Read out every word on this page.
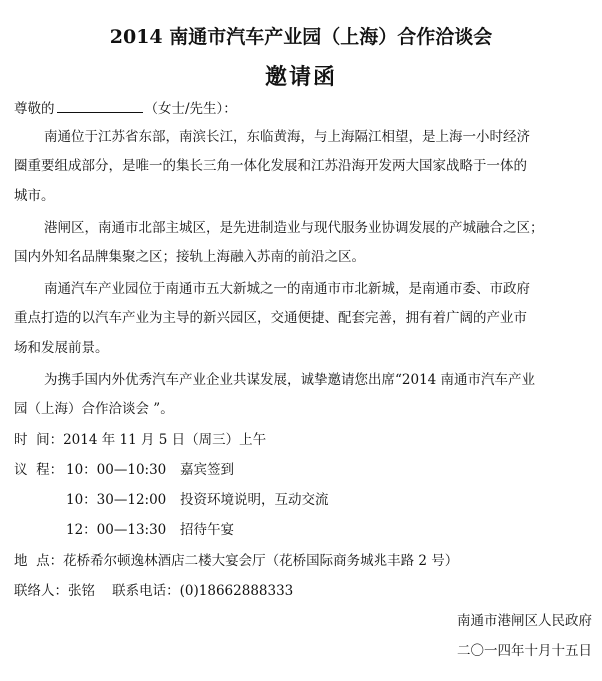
2014 南通市汽车产业园（上海）合作洽谈会
邀请函
尊敬的	（女士/先生）：
南通位于江苏省东部，南滨长江，东临黄海，与上海隔江相望，是上海一小时经济
圈重要组成部分，是唯一的集长三角一体化发展和江苏沿海开发两大国家战略于一体的
城市。
港闸区，南通市北部主城区，是先进制造业与现代服务业协调发展的产城融合之区；
国内外知名品牌集聚之区；接轨上海融入苏南的前沿之区。
南通汽车产业园位于南通市五大新城之一的南通市市北新城，是南通市委、市政府
重点打造的以汽车产业为主导的新兴园区，交通便捷、配套完善，拥有着广阔的产业市
场和发展前景。
为携手国内外优秀汽车产业企业共谋发展，诚挚邀请您出席“2014 南通市汽车产业
园（上海）合作洽谈会 ”。
时  间：2014 年 11 月 5 日（周三）上午
议  程： 10：00—10:30 嘉宾签到
10：30—12:00 投资环境说明，互动交流
12：00—13:30 招待午宴
地  点：花桥希尔顿逸林酒店二楼大宴会厅（花桥国际商务城兆丰路 2 号）
联络人：张铭    联系电话：(0)18662888333
南通市港闸区人民政府
二〇一四年十月十五日
